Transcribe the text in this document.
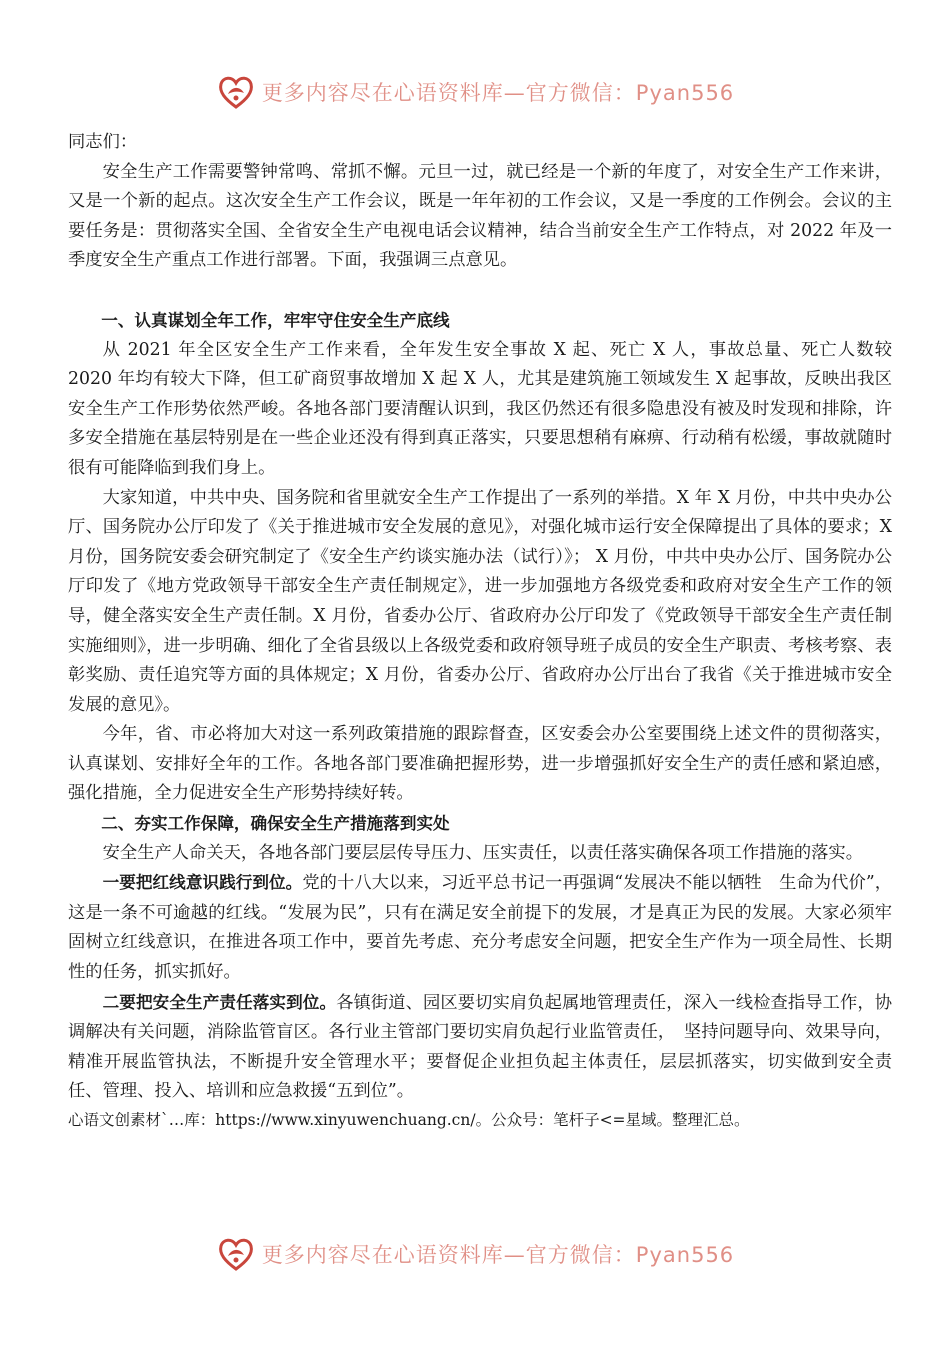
更多内容尽在心语资料库—官方微信：Pyan556

同志们：

安全生产工作需要警钟常鸣、常抓不懈。元旦一过，就已经是一个新的年度了，对安全生产工作来讲，又是一个新的起点。这次安全生产工作会议，既是一年年初的工作会议，又是一季度的工作例会。会议的主要任务是：贯彻落实全国、全省安全生产电视电话会议精神，结合当前安全生产工作特点，对 2022 年及一季度安全生产重点工作进行部署。下面，我强调三点意见。

一、认真谋划全年工作，牢牢守住安全生产底线

从 2021 年全区安全生产工作来看，全年发生安全事故 X 起、死亡 X 人，事故总量、死亡人数较 2020 年均有较大下降，但工矿商贸事故增加 X 起 X 人，尤其是建筑施工领域发生 X 起事故，反映出我区安全生产工作形势依然严峻。各地各部门要清醒认识到，我区仍然还有很多隐患没有被及时发现和排除，许多安全措施在基层特别是在一些企业还没有得到真正落实，只要思想稍有麻痹、行动稍有松缓，事故就随时很有可能降临到我们身上。

大家知道，中共中央、国务院和省里就安全生产工作提出了一系列的举措。X 年 X 月份，中共中央办公厅、国务院办公厅印发了《关于推进城市安全发展的意见》，对强化城市运行安全保障提出了具体的要求；X 月份，国务院安委会研究制定了《安全生产约谈实施办法（试行）》； X 月份，中共中央办公厅、国务院办公厅印发了《地方党政领导干部安全生产责任制规定》，进一步加强地方各级党委和政府对安全生产工作的领导，健全落实安全生产责任制。X 月份，省委办公厅、省政府办公厅印发了《党政领导干部安全生产责任制实施细则》，进一步明确、细化了全省县级以上各级党委和政府领导班子成员的安全生产职责、考核考察、表彰奖励、责任追究等方面的具体规定；X 月份，省委办公厅、省政府办公厅出台了我省《关于推进城市安全发展的意见》。

今年，省、市必将加大对这一系列政策措施的跟踪督查，区安委会办公室要围绕上述文件的贯彻落实，认真谋划、安排好全年的工作。各地各部门要准确把握形势，进一步增强抓好安全生产的责任感和紧迫感，强化措施，全力促进安全生产形势持续好转。

二、夯实工作保障，确保安全生产措施落到实处

安全生产人命关天，各地各部门要层层传导压力、压实责任，以责任落实确保各项工作措施的落实。

一要把红线意识践行到位。党的十八大以来，习近平总书记一再强调“发展决不能以牺牲　生命为代价”，这是一条不可逾越的红线。“发展为民”，只有在满足安全前提下的发展，才是真正为民的发展。大家必须牢固树立红线意识，在推进各项工作中，要首先考虑、充分考虑安全问题，把安全生产作为一项全局性、长期性的任务，抓实抓好。

二要把安全生产责任落实到位。各镇街道、园区要切实肩负起属地管理责任，深入一线检查指导工作，协调解决有关问题，消除监管盲区。各行业主管部门要切实肩负起行业监管责任，　坚持问题导向、效果导向，精准开展监管执法，不断提升安全管理水平；要督促企业担负起主体责任，层层抓落实，切实做到安全责任、管理、投入、培训和应急救援“五到位”。

心语文创素材`…库：https://www.xinyuwenchuang.cn/。公众号：笔杆子<=星域。整理汇总。

更多内容尽在心语资料库—官方微信：Pyan556
